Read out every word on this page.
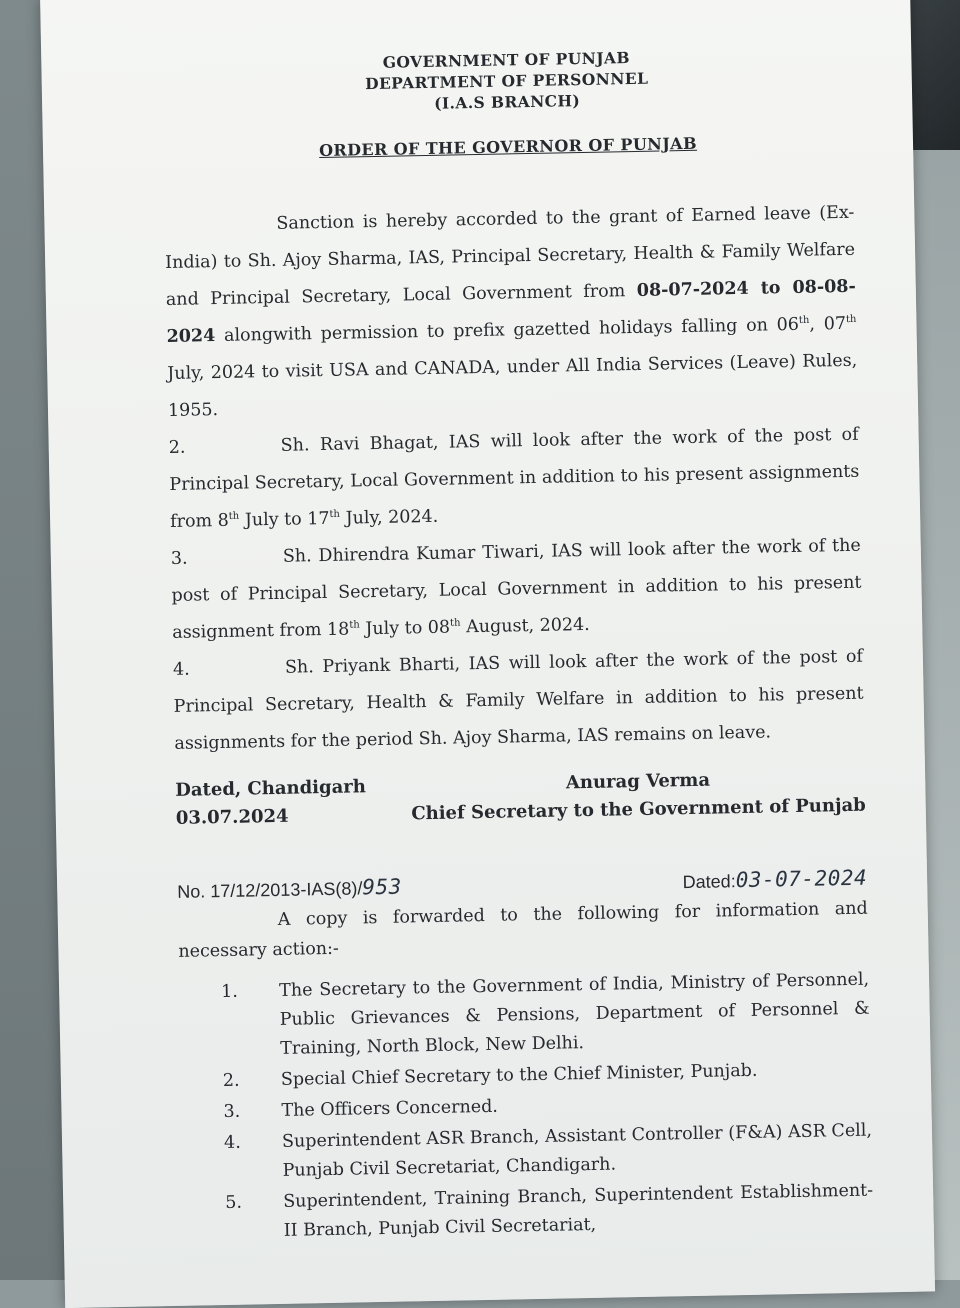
GOVERNMENT OF PUNJAB
DEPARTMENT OF PERSONNEL
(I.A.S BRANCH)
ORDER OF THE GOVERNOR OF PUNJAB

Sanction is hereby accorded to the grant of Earned leave (Ex-India) to Sh. Ajoy Sharma, IAS, Principal Secretary, Health & Family Welfare and Principal Secretary, Local Government from 08-07-2024 to 08-08-2024 alongwith permission to prefix gazetted holidays falling on 06th, 07th July, 2024 to visit USA and CANADA, under All India Services (Leave) Rules, 1955.

2.	Sh. Ravi Bhagat, IAS will look after the work of the post of Principal Secretary, Local Government in addition to his present assignments from 8th July to 17th July, 2024.

3.	Sh. Dhirendra Kumar Tiwari, IAS will look after the work of the post of Principal Secretary, Local Government in addition to his present assignment from 18th July to 08th August, 2024.

4.	Sh. Priyank Bharti, IAS will look after the work of the post of Principal Secretary, Health & Family Welfare in addition to his present assignments for the period Sh. Ajoy Sharma, IAS remains on leave.

Dated, Chandigarh
03.07.2024
Anurag Verma
Chief Secretary to the Government of Punjab
No. 17/12/2013-IAS(8)/953	Dated:03-07-2024

A copy is forwarded to the following for information and necessary action:-

1. The Secretary to the Government of India, Ministry of Personnel, Public Grievances & Pensions, Department of Personnel & Training, North Block, New Delhi.
2. Special Chief Secretary to the Chief Minister, Punjab.
3. The Officers Concerned.
4. Superintendent ASR Branch, Assistant Controller (F&A) ASR Cell, Punjab Civil Secretariat, Chandigarh.
5. Superintendent, Training Branch, Superintendent Establishment-II Branch, Punjab Civil Secretariat,
